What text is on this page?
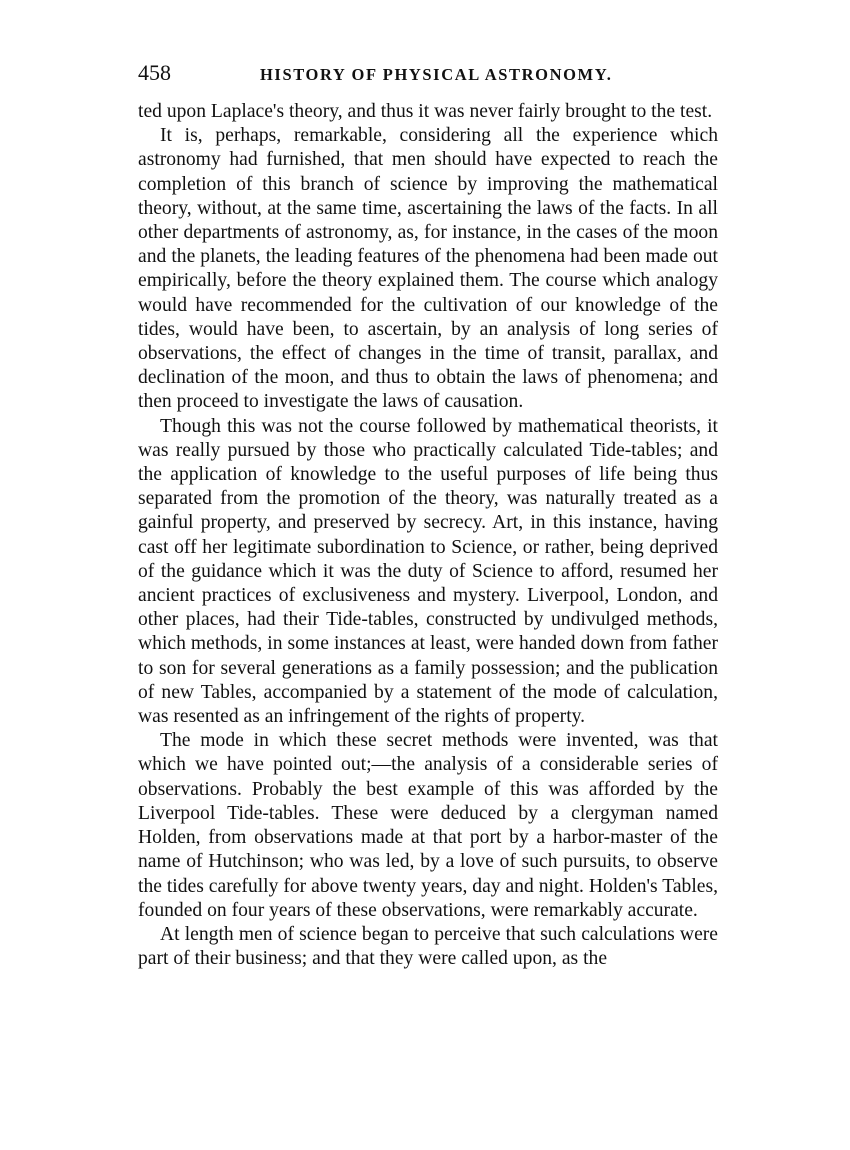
458	HISTORY OF PHYSICAL ASTRONOMY.

ted upon Laplace's theory, and thus it was never fairly brought to the test.

It is, perhaps, remarkable, considering all the experience which astronomy had furnished, that men should have expected to reach the completion of this branch of science by improving the mathematical theory, without, at the same time, ascertaining the laws of the facts. In all other departments of astronomy, as, for instance, in the cases of the moon and the planets, the leading features of the phenomena had been made out empirically, before the theory explained them. The course which analogy would have recommended for the cultivation of our knowledge of the tides, would have been, to ascertain, by an analysis of long series of observations, the effect of changes in the time of transit, parallax, and declination of the moon, and thus to obtain the laws of phenomena; and then proceed to investigate the laws of causation.

Though this was not the course followed by mathematical theorists, it was really pursued by those who practically calculated Tide-tables; and the application of knowledge to the useful purposes of life being thus separated from the promotion of the theory, was naturally treated as a gainful property, and preserved by secrecy. Art, in this instance, having cast off her legitimate subordination to Science, or rather, being deprived of the guidance which it was the duty of Science to afford, resumed her ancient practices of exclusiveness and mystery. Liverpool, London, and other places, had their Tide-tables, constructed by undivulged methods, which methods, in some instances at least, were handed down from father to son for several generations as a family possession; and the publication of new Tables, accompanied by a statement of the mode of calculation, was resented as an infringement of the rights of property.

The mode in which these secret methods were invented, was that which we have pointed out;—the analysis of a considerable series of observations. Probably the best example of this was afforded by the Liverpool Tide-tables. These were deduced by a clergyman named Holden, from observations made at that port by a harbor-master of the name of Hutchinson; who was led, by a love of such pursuits, to observe the tides carefully for above twenty years, day and night. Holden's Tables, founded on four years of these observations, were remarkably accurate.

At length men of science began to perceive that such calculations were part of their business; and that they were called upon, as the
